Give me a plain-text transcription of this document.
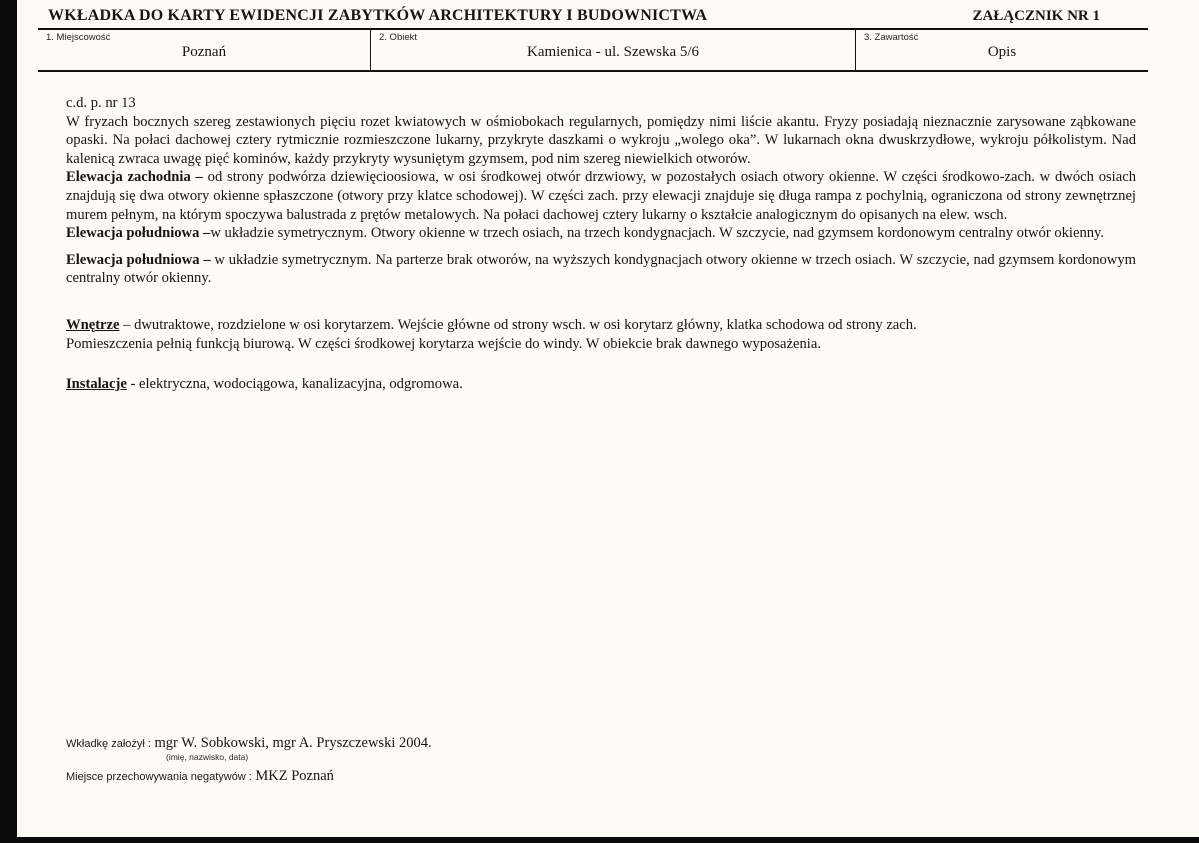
WKŁADKA DO KARTY EWIDENCJI ZABYTKÓW ARCHITEKTURY I BUDOWNICTWA	ZAŁĄCZNIK NR 1
1. Miejscowość
Poznań
2. Obiekt
Kamienica - ul. Szewska 5/6
3. Zawartość
Opis

c.d. p. nr 13

W fryzach bocznych szereg zestawionych pięciu rozet kwiatowych w ośmiobokach regularnych, pomiędzy nimi liście akantu. Fryzy posiadają nieznacznie zarysowane ząbkowane opaski. Na połaci dachowej cztery rytmicznie rozmieszczone lukarny, przykryte daszkami o wykroju „wolego oka”. W lukarnach okna dwuskrzydłowe, wykroju półkolistym. Nad kalenicą zwraca uwagę pięć kominów, każdy przykryty wysuniętym gzymsem, pod nim szereg niewielkich otworów.

Elewacja zachodnia – od strony podwórza dziewięcioosiowa, w osi środkowej otwór drzwiowy, w pozostałych osiach otwory okienne. W części środkowo-zach. w dwóch osiach znajdują się dwa otwory okienne spłaszczone (otwory przy klatce schodowej). W części zach. przy elewacji znajduje się długa rampa z pochylnią, ograniczona od strony zewnętrznej murem pełnym, na którym spoczywa balustrada z prętów metalowych. Na połaci dachowej cztery lukarny o kształcie analogicznym do opisanych na elew. wsch.

Elewacja południowa –w układzie symetrycznym. Otwory okienne w trzech osiach, na trzech kondygnacjach. W szczycie, nad gzymsem kordonowym centralny otwór okienny.

Elewacja południowa – w układzie symetrycznym. Na parterze brak otworów, na wyższych kondygnacjach otwory okienne w trzech osiach. W szczycie, nad gzymsem kordonowym centralny otwór okienny.

Wnętrze – dwutraktowe, rozdzielone w osi korytarzem. Wejście główne od strony wsch. w osi korytarz główny, klatka schodowa od strony zach.

Pomieszczenia pełnią funkcją biurową. W części środkowej korytarza wejście do windy. W obiekcie brak dawnego wyposażenia.

Instalacje - elektryczna, wodociągowa, kanalizacyjna, odgromowa.

Wkładkę założył : mgr W. Sobkowski, mgr A. Pryszczewski 2004.
(imię, nazwisko, data)
Miejsce przechowywania negatywów : MKZ Poznań
